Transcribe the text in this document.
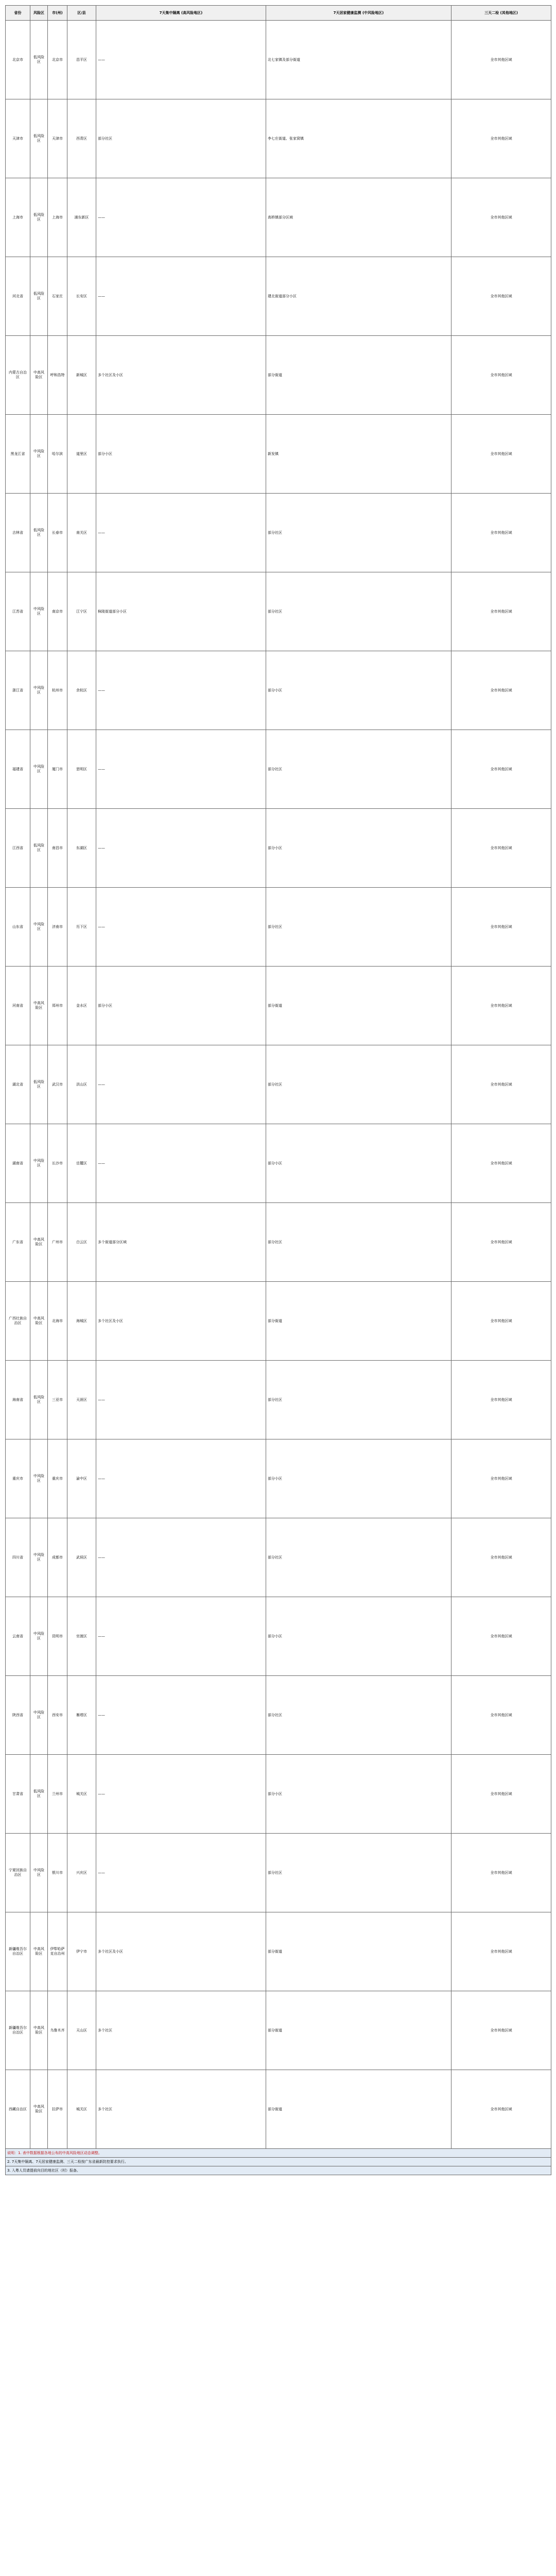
省份	风险区	市(州)	区/县	7天集中隔离 (高风险地区)	7天居家健康监测 (中风险地区)	三天二检 (其他地区)
北京市	低风险区	北京市	昌平区	——	北七家镇及部分街道	全市其他区域
天津市	低风险区	天津市	西青区	部分社区	李七庄街道、张家窝镇	全市其他区域
上海市	低风险区	上海市	浦东新区	——	高桥镇部分区域	全市其他区域
河北省	低风险区	石家庄	长安区	——	建北街道部分小区	全市其他区域
内蒙古自治区	中高风险区	呼和浩特	新城区	多个社区及小区	部分街道	全市其他区域
黑龙江省	中风险区	哈尔滨	道里区	部分小区	新发镇	全市其他区域
吉林省	低风险区	长春市	南关区	——	部分社区	全市其他区域
江苏省	中风险区	南京市	江宁区	秣陵街道部分小区	部分社区	全市其他区域
浙江省	中风险区	杭州市	余杭区	——	部分小区	全市其他区域
福建省	中风险区	厦门市	思明区	——	部分社区	全市其他区域
江西省	低风险区	南昌市	东湖区	——	部分小区	全市其他区域
山东省	中风险区	济南市	历下区	——	部分社区	全市其他区域
河南省	中高风险区	郑州市	金水区	部分小区	部分街道	全市其他区域
湖北省	低风险区	武汉市	洪山区	——	部分社区	全市其他区域
湖南省	中风险区	长沙市	岳麓区	——	部分小区	全市其他区域
广东省	中高风险区	广州市	白云区	多个街道部分区域	部分社区	全市其他区域
广西壮族自治区	中高风险区	北海市	海城区	多个社区及小区	部分街道	全市其他区域
海南省	低风险区	三亚市	天涯区	——	部分社区	全市其他区域
重庆市	中风险区	重庆市	渝中区	——	部分小区	全市其他区域
四川省	中风险区	成都市	武侯区	——	部分社区	全市其他区域
云南省	中风险区	昆明市	官渡区	——	部分小区	全市其他区域
陕西省	中风险区	西安市	雁塔区	——	部分社区	全市其他区域
甘肃省	低风险区	兰州市	城关区	——	部分小区	全市其他区域
宁夏回族自治区	中风险区	银川市	兴庆区	——	部分社区	全市其他区域
新疆维吾尔自治区	中高风险区	伊犁哈萨克自治州	伊宁市	多个社区及小区	部分街道	全市其他区域
新疆维吾尔自治区	中高风险区	乌鲁木齐	天山区	多个社区	部分街道	全市其他区域
西藏自治区	中高风险区	拉萨市	城关区	多个社区	部分街道	全市其他区域
说明：1. 表中数据根据各地公布的中高风险地区动态调整。						
2. 7天集中隔离、7天居家健康监测、三天二检按广东省最新防控要求执行。						
3. 入粤人员请提前向目的地社区（村）报备。						
